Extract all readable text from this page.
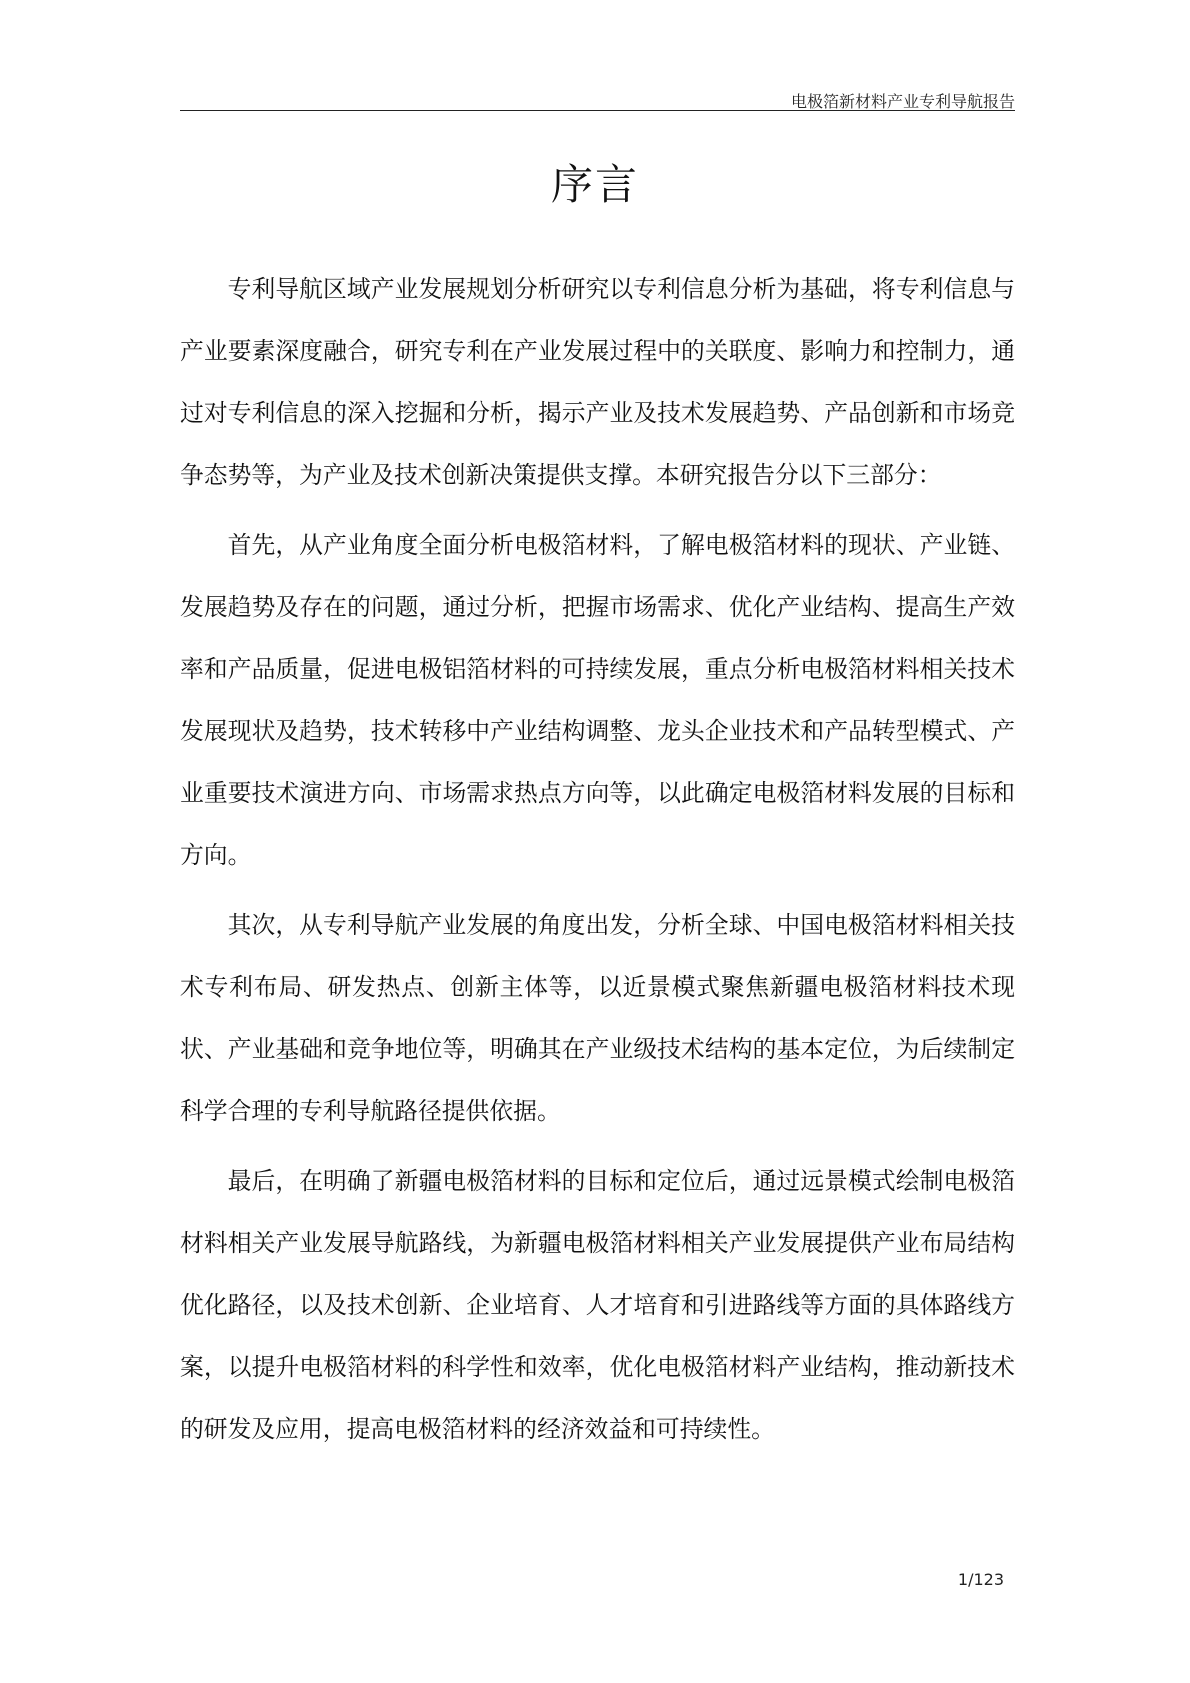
电极箔新材料产业专利导航报告
序言

专利导航区域产业发展规划分析研究以专利信息分析为基础，将专利信息与产业要素深度融合，研究专利在产业发展过程中的关联度、影响力和控制力，通过对专利信息的深入挖掘和分析，揭示产业及技术发展趋势、产品创新和市场竞争态势等，为产业及技术创新决策提供支撑。本研究报告分以下三部分：

首先，从产业角度全面分析电极箔材料，了解电极箔材料的现状、产业链、发展趋势及存在的问题，通过分析，把握市场需求、优化产业结构、提高生产效率和产品质量，促进电极铝箔材料的可持续发展，重点分析电极箔材料相关技术发展现状及趋势，技术转移中产业结构调整、龙头企业技术和产品转型模式、产业重要技术演进方向、市场需求热点方向等，以此确定电极箔材料发展的目标和方向。

其次，从专利导航产业发展的角度出发，分析全球、中国电极箔材料相关技术专利布局、研发热点、创新主体等，以近景模式聚焦新疆电极箔材料技术现状、产业基础和竞争地位等，明确其在产业级技术结构的基本定位，为后续制定科学合理的专利导航路径提供依据。

最后，在明确了新疆电极箔材料的目标和定位后，通过远景模式绘制电极箔材料相关产业发展导航路线，为新疆电极箔材料相关产业发展提供产业布局结构优化路径，以及技术创新、企业培育、人才培育和引进路线等方面的具体路线方案，以提升电极箔材料的科学性和效率，优化电极箔材料产业结构，推动新技术的研发及应用，提高电极箔材料的经济效益和可持续性。

1/123
